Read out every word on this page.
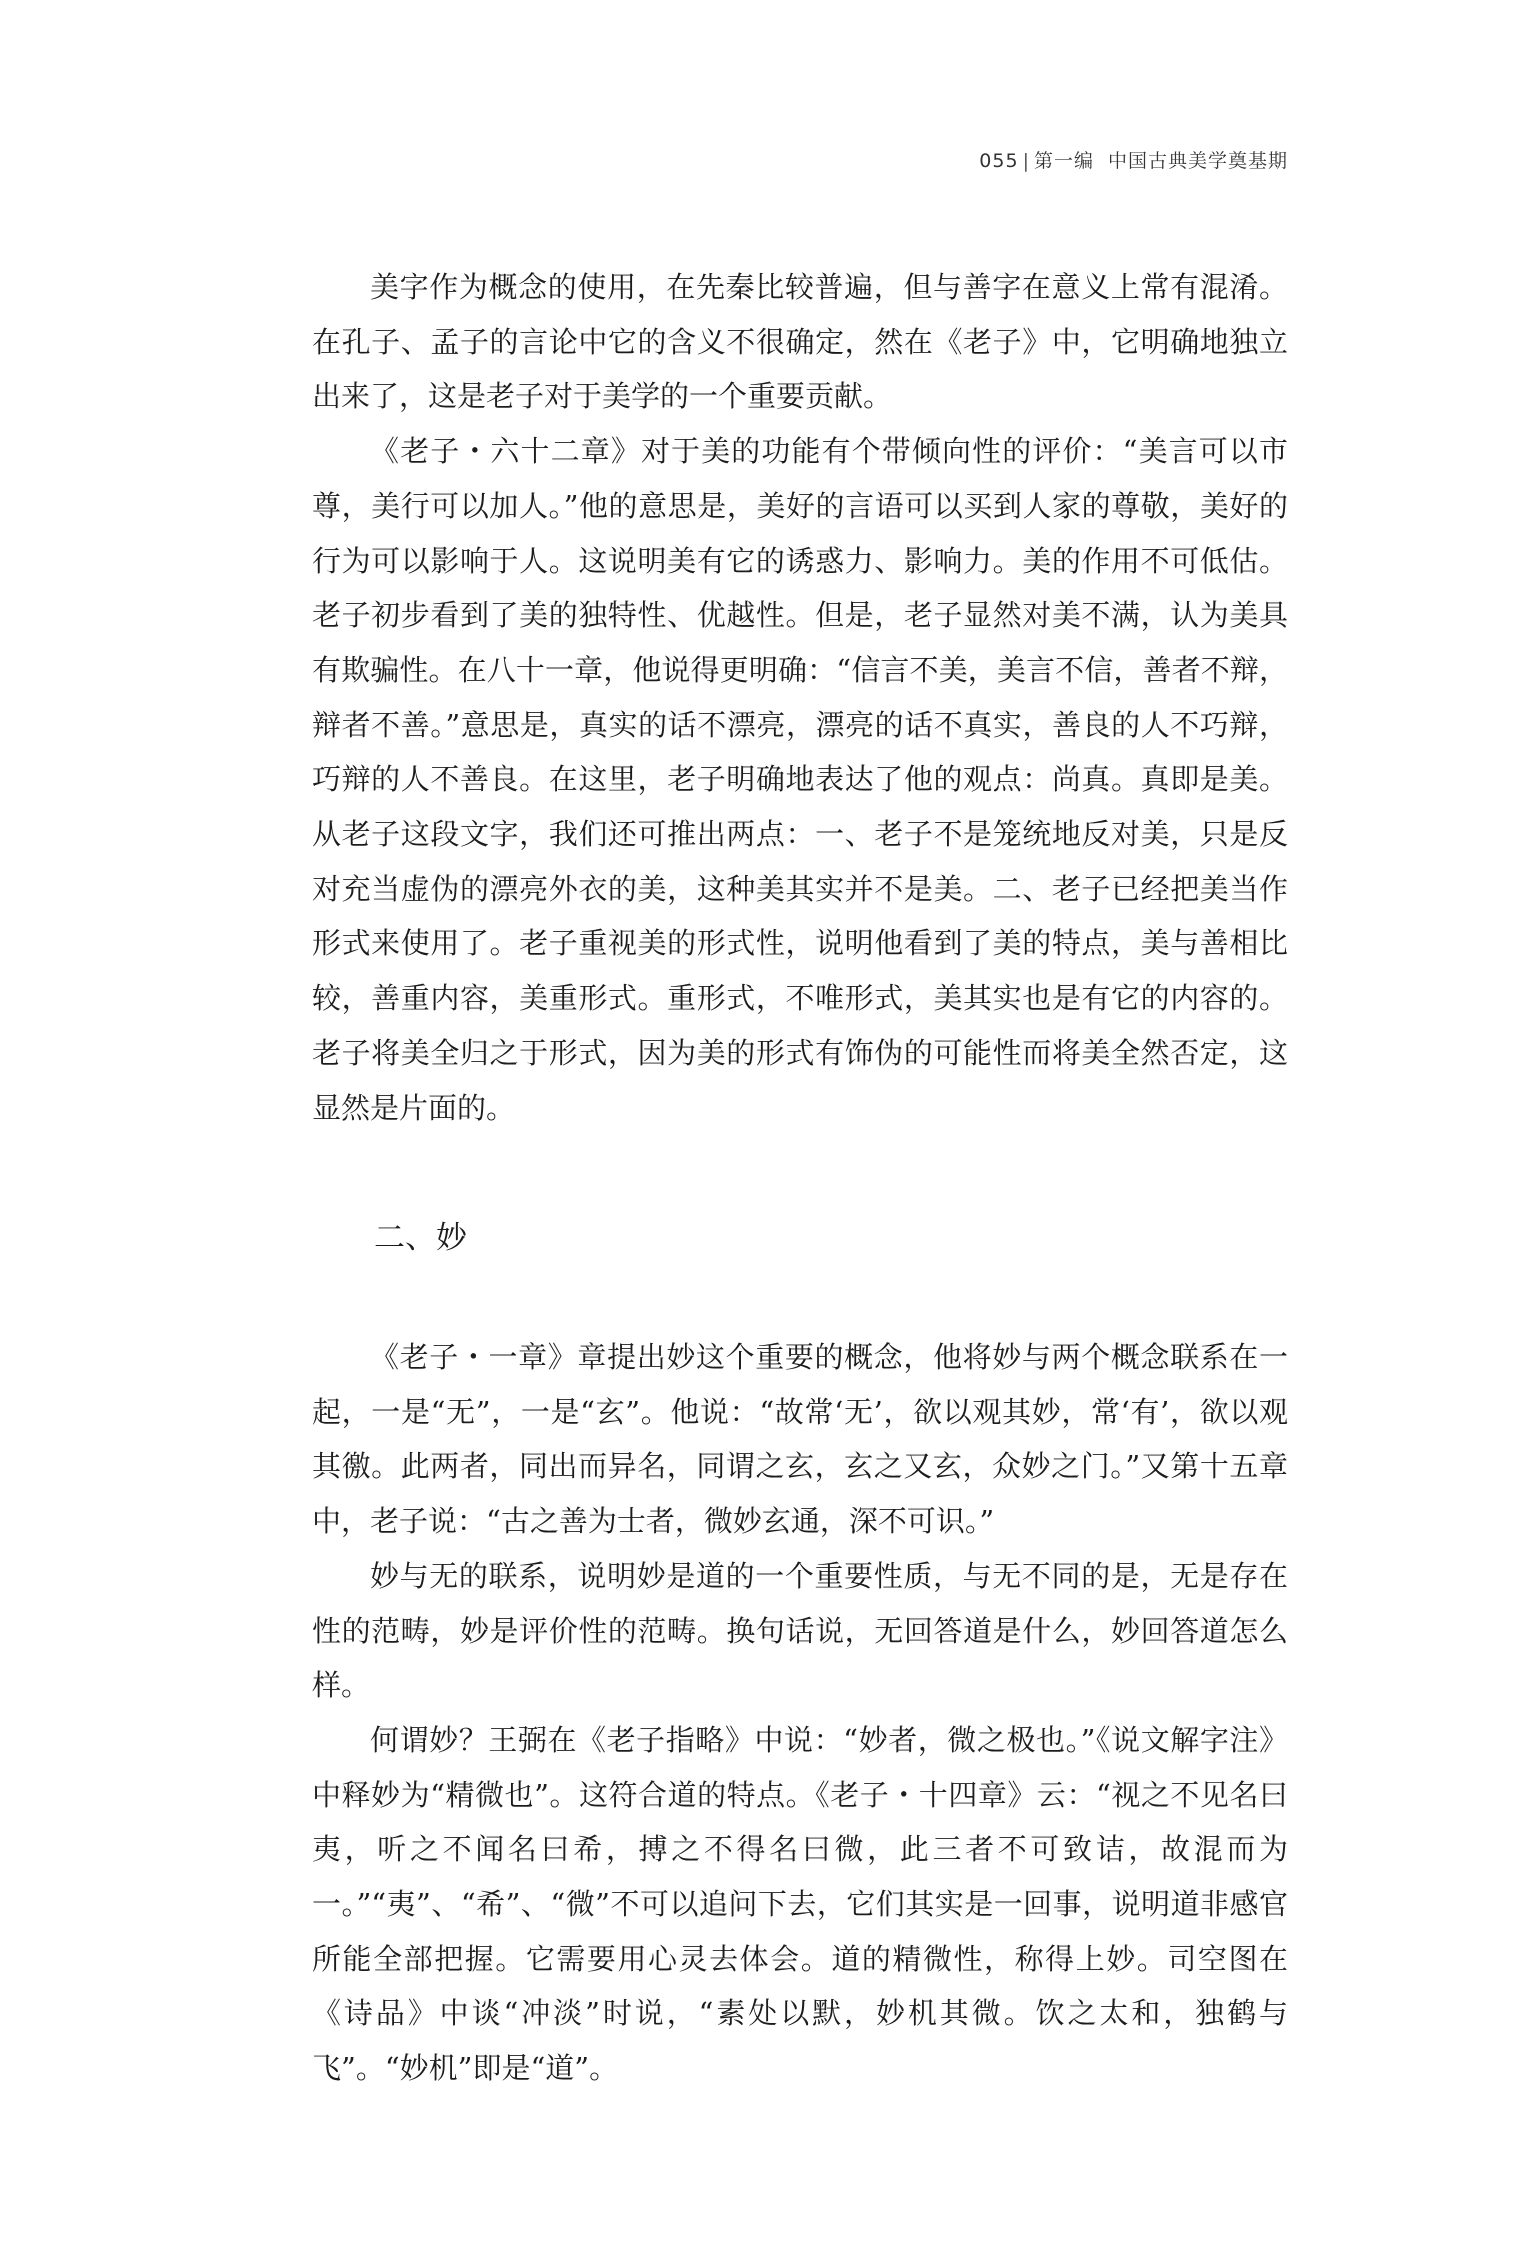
055 | 第一编 中国古典美学奠基期

美字作为概念的使用，在先秦比较普遍，但与善字在意义上常有混淆。在孔子、孟子的言论中它的含义不很确定，然在《老子》中，它明确地独立出来了，这是老子对于美学的一个重要贡献。

《老子・六十二章》对于美的功能有个带倾向性的评价：“美言可以市尊，美行可以加人。”他的意思是，美好的言语可以买到人家的尊敬，美好的行为可以影响于人。这说明美有它的诱惑力、影响力。美的作用不可低估。老子初步看到了美的独特性、优越性。但是，老子显然对美不满，认为美具有欺骗性。在八十一章，他说得更明确：“信言不美，美言不信，善者不辩，辩者不善。”意思是，真实的话不漂亮，漂亮的话不真实，善良的人不巧辩，巧辩的人不善良。在这里，老子明确地表达了他的观点：尚真。真即是美。从老子这段文字，我们还可推出两点：一、老子不是笼统地反对美，只是反对充当虚伪的漂亮外衣的美，这种美其实并不是美。二、老子已经把美当作形式来使用了。老子重视美的形式性，说明他看到了美的特点，美与善相比较，善重内容，美重形式。重形式，不唯形式，美其实也是有它的内容的。老子将美全归之于形式，因为美的形式有饰伪的可能性而将美全然否定，这显然是片面的。

二、妙

《老子・一章》章提出妙这个重要的概念，他将妙与两个概念联系在一起，一是“无”，一是“玄”。他说：“故常‘无’，欲以观其妙，常‘有’，欲以观其徼。此两者，同出而异名，同谓之玄，玄之又玄，众妙之门。”又第十五章中，老子说：“古之善为士者，微妙玄通，深不可识。”

妙与无的联系，说明妙是道的一个重要性质，与无不同的是，无是存在性的范畴，妙是评价性的范畴。换句话说，无回答道是什么，妙回答道怎么样。

何谓妙？王弼在《老子指略》中说：“妙者，微之极也。”《说文解字注》中释妙为“精微也”。这符合道的特点。《老子・十四章》云：“视之不见名曰夷，听之不闻名曰希，搏之不得名曰微，此三者不可致诘，故混而为一。”“夷”、“希”、“微”不可以追问下去，它们其实是一回事，说明道非感官所能全部把握。它需要用心灵去体会。道的精微性，称得上妙。司空图在《诗品》中谈“冲淡”时说，“素处以默，妙机其微。饮之太和，独鹤与飞”。“妙机”即是“道”。
